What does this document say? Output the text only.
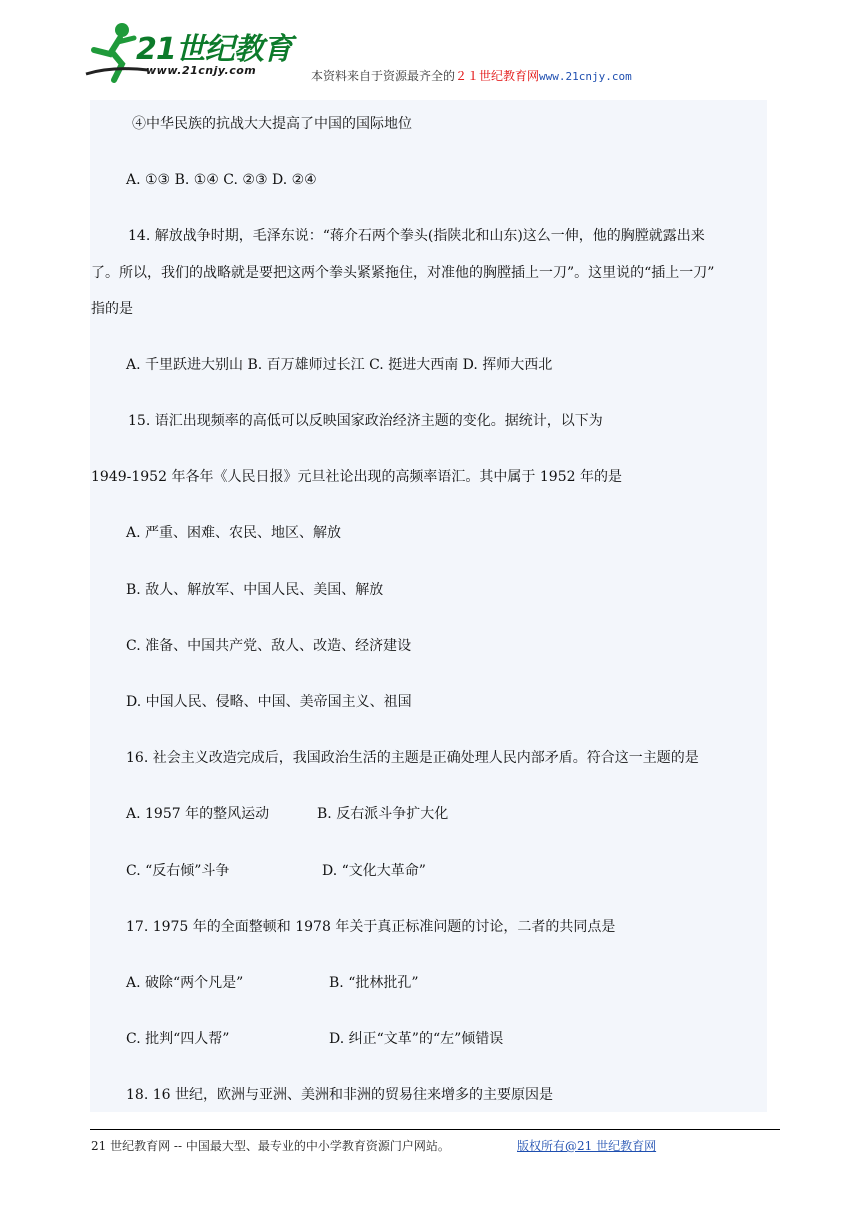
21世纪教育
www.21cnjy.com	本资料来自于资源最齐全的２１世纪教育网www.21cnjy.com
④中华民族的抗战大大提高了中国的国际地位
A. ①③ B. ①④ C. ②③ D. ②④
14. 解放战争时期，毛泽东说：“蒋介石两个拳头(指陕北和山东)这么一伸，他的胸膛就露出来
了。所以，我们的战略就是要把这两个拳头紧紧拖住，对准他的胸膛插上一刀”。这里说的“插上一刀”
指的是
A. 千里跃进大别山 B. 百万雄师过长江 C. 挺进大西南 D. 挥师大西北
15. 语汇出现频率的高低可以反映国家政治经济主题的变化。据统计，以下为
1949-1952 年各年《人民日报》元旦社论出现的高频率语汇。其中属于 1952 年的是
A. 严重、困难、农民、地区、解放
B. 敌人、解放军、中国人民、美国、解放
C. 准备、中国共产党、敌人、改造、经济建设
D. 中国人民、侵略、中国、美帝国主义、祖国
16. 社会主义改造完成后，我国政治生活的主题是正确处理人民内部矛盾。符合这一主题的是
A. 1957 年的整风运动	B. 反右派斗争扩大化
C. “反右倾”斗争	D. “文化大革命”
17. 1975 年的全面整顿和 1978 年关于真正标准问题的讨论，二者的共同点是
A. 破除“两个凡是”	B. “批林批孔”
C. 批判“四人帮”	D. 纠正“文革”的“左”倾错误
18. 16 世纪，欧洲与亚洲、美洲和非洲的贸易往来增多的主要原因是
21 世纪教育网 -- 中国最大型、最专业的中小学教育资源门户网站。	版权所有@21 世纪教育网
